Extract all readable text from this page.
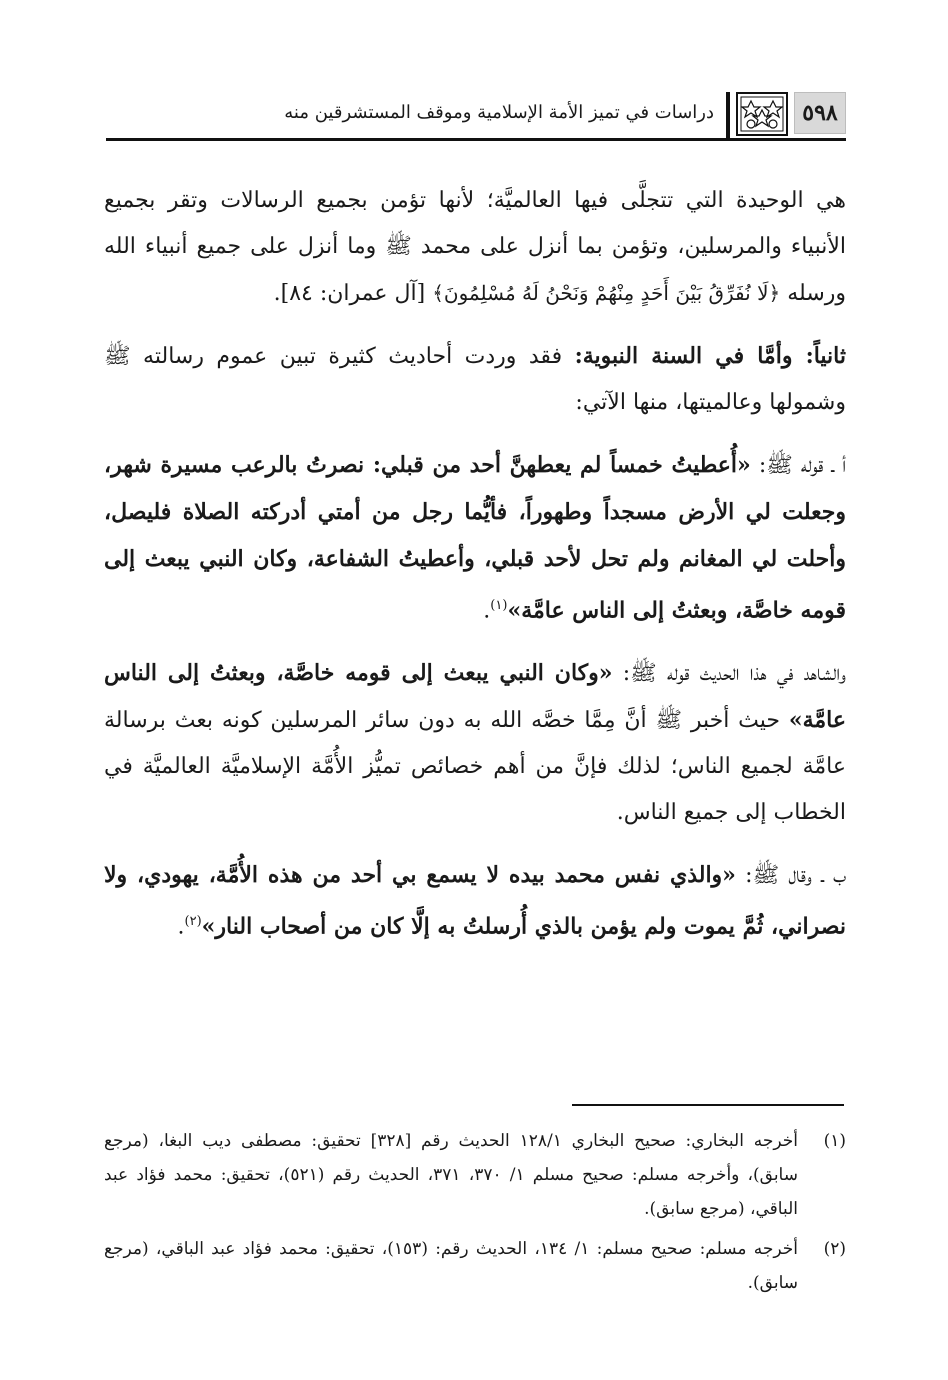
٥٩٨
دراسات في تميز الأمة الإسلامية وموقف المستشرقين منه

هي الوحيدة التي تتجلَّى فيها العالميَّة؛ لأنها تؤمن بجميع الرسالات وتقر بجميع الأنبياء والمرسلين، وتؤمن بما أنزل على محمد ﷺ وما أنزل على جميع أنبياء الله ورسله ﴿لَا نُفَرِّقُ بَيْنَ أَحَدٍ مِنْهُمْ وَنَحْنُ لَهُ مُسْلِمُونَ﴾ [آل عمران: ٨٤].

ثانياً: وأمَّا في السنة النبوية: فقد وردت أحاديث كثيرة تبين عموم رسالته ﷺ وشمولها وعالميتها، منها الآتي:

أ ـ قوله ﷺ: «أُعطيتُ خمساً لم يعطهنَّ أحد من قبلي: نصرتُ بالرعب مسيرة شهر، وجعلت لي الأرض مسجداً وطهوراً، فأيُّما رجل من أمتي أدركته الصلاة فليصل، وأحلت لي المغانم ولم تحل لأحد قبلي، وأعطيتُ الشفاعة، وكان النبي يبعث إلى قومه خاصَّة، وبعثتُ إلى الناس عامَّة»$^{(١)}$.

والشاهد في هذا الحديث قوله ﷺ: «وكان النبي يبعث إلى قومه خاصَّة، وبعثتُ إلى الناس عامَّة» حيث أخبر ﷺ أنَّ مِمَّا خصَّه الله به دون سائر المرسلين كونه بعث برسالة عامَّة لجميع الناس؛ لذلك فإنَّ من أهم خصائص تميُّز الأُمَّة الإسلاميَّة العالميَّة في الخطاب إلى جميع الناس.

ب ـ وقال ﷺ: «والذي نفس محمد بيده لا يسمع بي أحد من هذه الأُمَّة، يهودي، ولا نصراني، ثُمَّ يموت ولم يؤمن بالذي أُرسلتُ به إلَّا كان من أصحاب النار»$^{(٢)}$.

(١)
أخرجه البخاري: صحيح البخاري ١٢٨/١ الحديث رقم [٣٢٨] تحقيق: مصطفى ديب البغا، (مرجع سابق)، وأخرجه مسلم: صحيح مسلم ١/ ٣٧٠، ٣٧١، الحديث رقم (٥٢١)، تحقيق: محمد فؤاد عبد الباقي، (مرجع سابق).
(٢)
أخرجه مسلم: صحيح مسلم: ١/ ١٣٤، الحديث رقم: (١٥٣)، تحقيق: محمد فؤاد عبد الباقي، (مرجع سابق).
